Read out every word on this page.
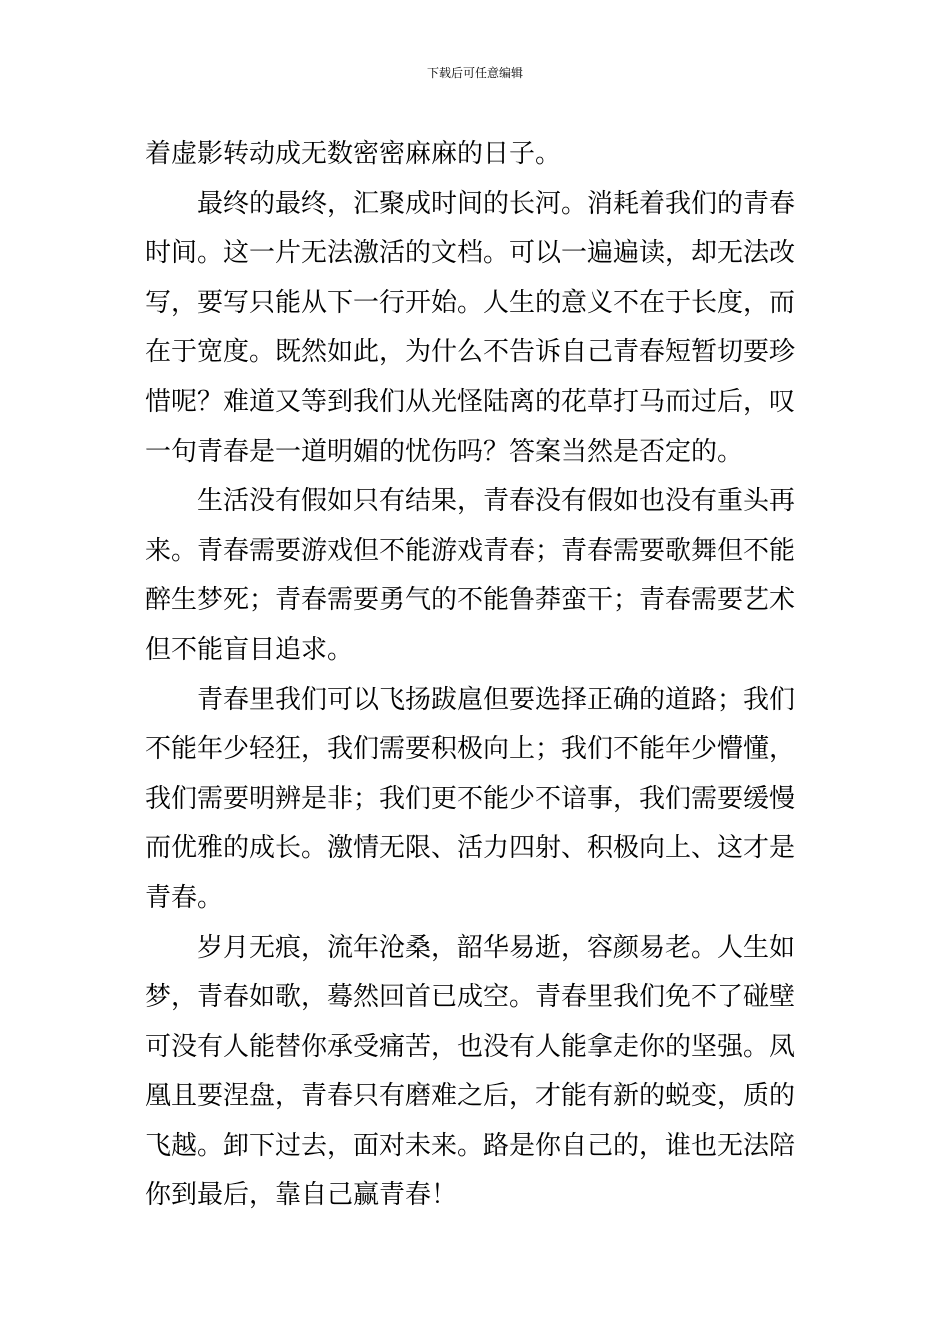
下载后可任意编辑
着虚影转动成无数密密麻麻的日子。
最终的最终，汇聚成时间的长河。消耗着我们的青春
时间。这一片无法激活的文档。可以一遍遍读，却无法改
写，要写只能从下一行开始。人生的意义不在于长度，而
在于宽度。既然如此，为什么不告诉自己青春短暂切要珍
惜呢？难道又等到我们从光怪陆离的花草打马而过后，叹
一句青春是一道明媚的忧伤吗？答案当然是否定的。
生活没有假如只有结果，青春没有假如也没有重头再
来。青春需要游戏但不能游戏青春；青春需要歌舞但不能
醉生梦死；青春需要勇气的不能鲁莽蛮干；青春需要艺术
但不能盲目追求。
青春里我们可以飞扬跋扈但要选择正确的道路；我们
不能年少轻狂，我们需要积极向上；我们不能年少懵懂，
我们需要明辨是非；我们更不能少不谙事，我们需要缓慢
而优雅的成长。激情无限、活力四射、积极向上、这才是
青春。
岁月无痕，流年沧桑，韶华易逝，容颜易老。人生如
梦，青春如歌，蓦然回首已成空。青春里我们免不了碰壁
可没有人能替你承受痛苦，也没有人能拿走你的坚强。凤
凰且要涅盘，青春只有磨难之后，才能有新的蜕变，质的
飞越。卸下过去，面对未来。路是你自己的，谁也无法陪
你到最后，靠自己赢青春！
